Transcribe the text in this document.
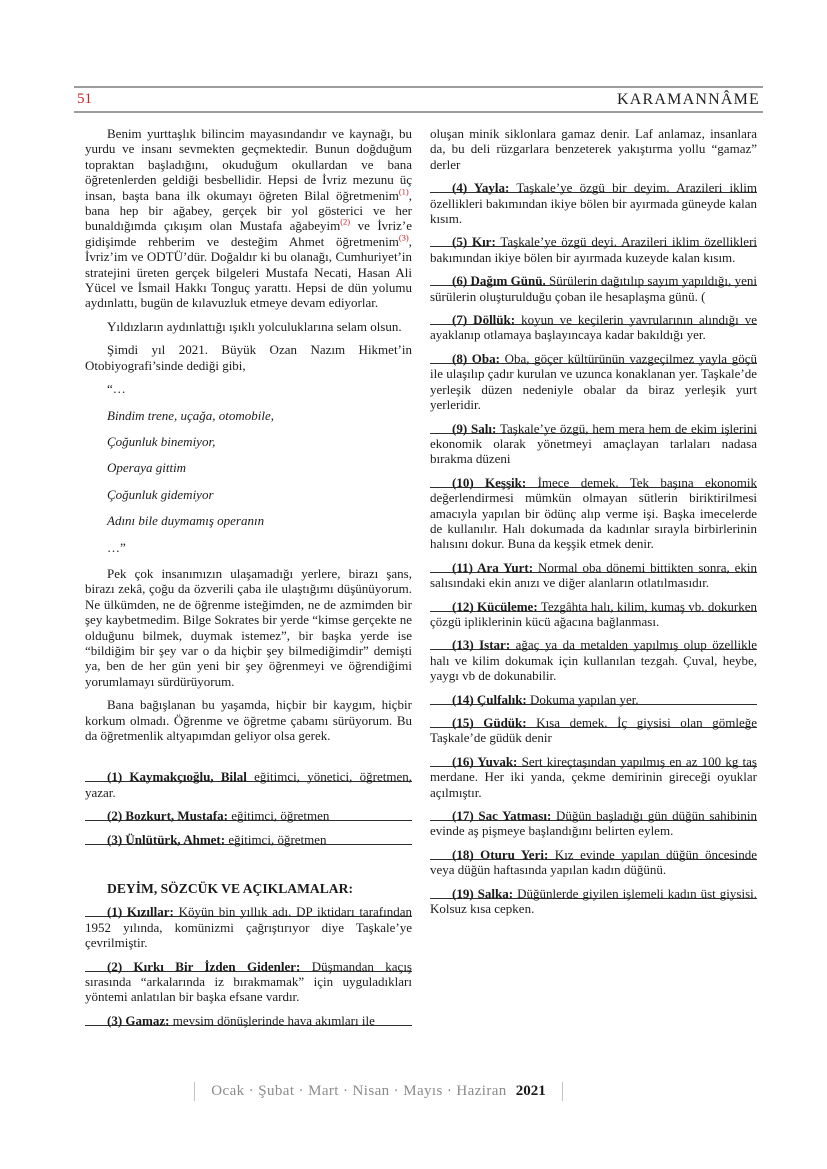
51	KARAMANNÂME

Benim yurttaşlık bilincim mayasındandır ve kaynağı, bu yurdu ve insanı sevmekten geçmektedir. Bunun doğduğum topraktan başladığını, okuduğum okullardan ve bana öğretenlerden geldiği besbellidir. Hepsi de İvriz mezunu üç insan, başta bana ilk okumayı öğreten Bilal öğretmenim$^{(1)}$, bana hep bir ağabey, gerçek bir yol gösterici ve her bunaldığımda çıkışım olan Mustafa ağabeyim$^{(2)}$ ve İvriz’e gidişimde rehberim ve desteğim Ahmet öğretmenim$^{(3)}$, İvriz’im ve ODTÜ’dür. Doğaldır ki bu olanağı, Cumhuriyet’in stratejini üreten gerçek bilgeleri Mustafa Necati, Hasan Ali Yücel ve İsmail Hakkı Tonguç yarattı. Hepsi de dün yolumu aydınlattı, bugün de kılavuzluk etmeye devam ediyorlar.

Yıldızların aydınlattığı ışıklı yolculuklarına selam olsun.

Şimdi yıl 2021. Büyük Ozan Nazım Hikmet’in Otobiyografi’sinde dediği gibi,

“…

Bindim trene, uçağa, otomobile,

Çoğunluk binemiyor,

Operaya gittim

Çoğunluk gidemiyor

Adını bile duymamış operanın

…”

Pek çok insanımızın ulaşamadığı yerlere, birazı şans, birazı zekâ, çoğu da özverili çaba ile ulaştığımı düşünüyorum. Ne ülkümden, ne de öğrenme isteğimden, ne de azmimden bir şey kaybetmedim. Bilge Sokrates bir yerde “kimse gerçekte ne olduğunu bilmek, duymak istemez”, bir başka yerde ise “bildiğim bir şey var o da hiçbir şey bilmediğimdir” demişti ya, ben de her gün yeni bir şey öğrenmeyi ve öğrendiğimi yorumlamayı sürdürüyorum.

Bana bağışlanan bu yaşamda, hiçbir bir kaygım, hiçbir korkum olmadı. Öğrenme ve öğretme çabamı sürüyorum. Bu da öğretmenlik altyapımdan geliyor olsa gerek.

(1) Kaymakçıoğlu, Bilal eğitimci, yönetici, öğretmen, yazar.

(2) Bozkurt, Mustafa: eğitimci, öğretmen

(3) Ünlütürk, Ahmet: eğitimci, öğretmen

DEYİM, SÖZCÜK VE AÇIKLAMALAR:

(1) Kızıllar: Köyün bin yıllık adı. DP iktidarı tarafından 1952 yılında, komünizmi çağrıştırıyor diye Taşkale’ye çevrilmiştir.

(2) Kırkı Bir İzden Gidenler: Düşmandan kaçış sırasında “arkalarında iz bırakmamak” için uyguladıkları yöntemi anlatılan bir başka efsane vardır.

(3) Gamaz: mevsim dönüşlerinde hava akımları ile

oluşan minik siklonlara gamaz denir. Laf anlamaz, insanlara da, bu deli rüzgarlara benzeterek yakıştırma yollu “gamaz” derler

(4) Yayla: Taşkale’ye özgü bir deyim. Arazileri iklim özellikleri bakımından ikiye bölen bir ayırmada güneyde kalan kısım.

(5) Kır: Taşkale’ye özgü deyi. Arazileri iklim özellikleri bakımından ikiye bölen bir ayırmada kuzeyde kalan kısım.

(6) Dağım Günü. Sürülerin dağıtılıp sayım yapıldığı, yeni sürülerin oluşturulduğu çoban ile hesaplaşma günü. (

(7) Döllük: koyun ve keçilerin yavrularının alındığı ve ayaklanıp otlamaya başlayıncaya kadar bakıldığı yer.

(8) Oba: Oba, göçer kültürünün vazgeçilmez yayla göçü ile ulaşılıp çadır kurulan ve uzunca konaklanan yer. Taşkale’de yerleşik düzen nedeniyle obalar da biraz yerleşik yurt yerleridir.

(9) Salı: Taşkale’ye özgü, hem mera hem de ekim işlerini ekonomik olarak yönetmeyi amaçlayan tarlaları nadasa bırakma düzeni

(10) Keşşik: İmece demek. Tek başına ekonomik değerlendirmesi mümkün olmayan sütlerin biriktirilmesi amacıyla yapılan bir ödünç alıp verme işi. Başka imecelerde de kullanılır. Halı dokumada da kadınlar sırayla birbirlerinin halısını dokur. Buna da keşşik etmek denir.

(11) Ara Yurt: Normal oba dönemi bittikten sonra, ekin salısındaki ekin anızı ve diğer alanların otlatılmasıdır.

(12) Kücüleme: Tezgâhta halı, kilim, kumaş vb. dokurken çözgü ipliklerinin kücü ağacına bağlanması.

(13) Istar: ağaç ya da metalden yapılmış olup özellikle halı ve kilim dokumak için kullanılan tezgah. Çuval, heybe, yaygı vb de dokunabilir.

(14) Çulfalık: Dokuma yapılan yer.

(15) Güdük: Kısa demek. İç giysisi olan gömleğe Taşkale’de güdük denir

(16) Yuvak: Sert kireçtaşından yapılmış en az 100 kg taş merdane. Her iki yanda, çekme demirinin gireceği oyuklar açılmıştır.

(17) Sac Yatması: Düğün başladığı gün düğün sahibinin evinde aş pişmeye başlandığını belirten eylem.

(18) Oturu Yeri: Kız evinde yapılan düğün öncesinde veya düğün haftasında yapılan kadın düğünü.

(19) Salka: Düğünlerde giyilen işlemeli kadın üst giysisi. Kolsuz kısa cepken.

Ocak · Şubat · Mart · Nisan · Mayıs · Haziran 2021
